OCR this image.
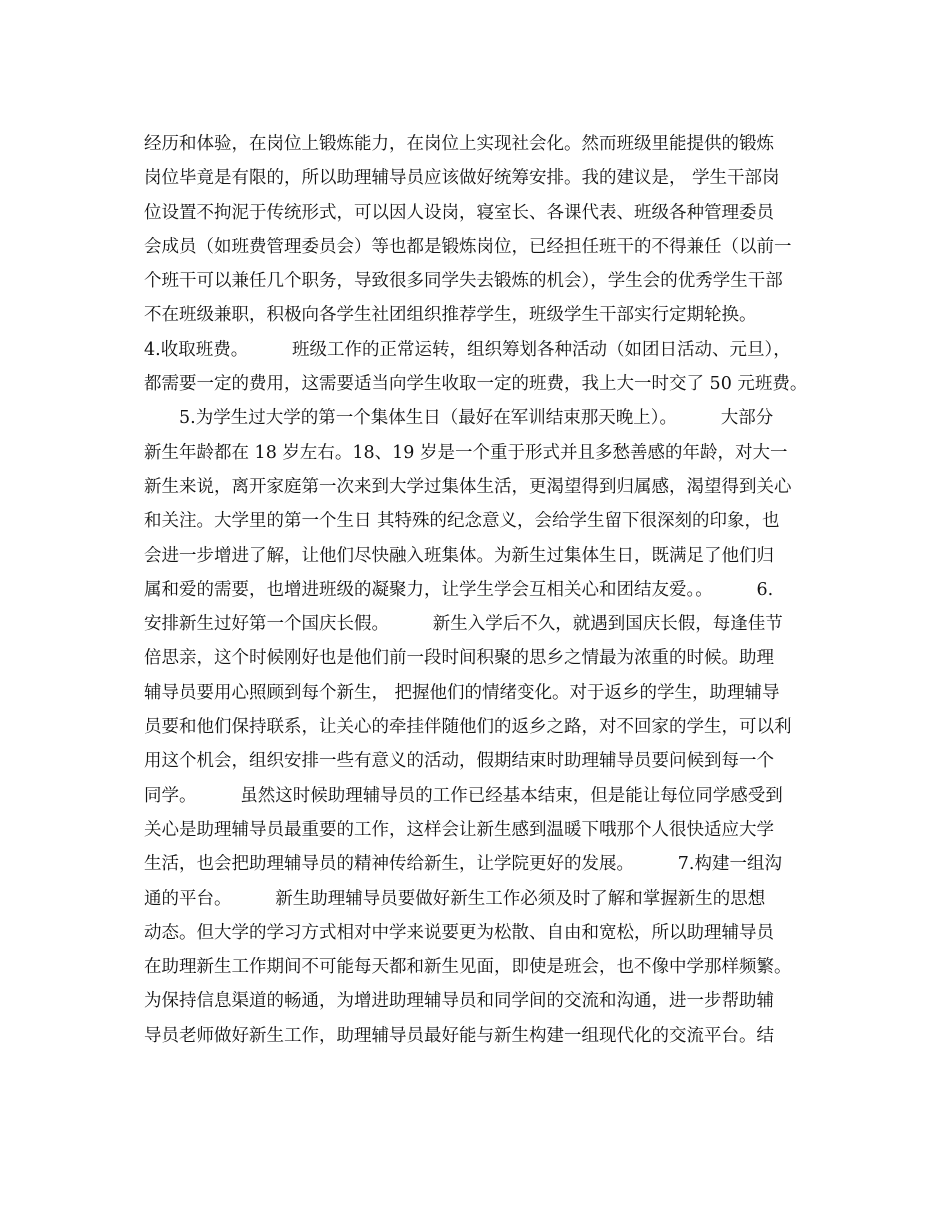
经历和体验，在岗位上锻炼能力，在岗位上实现社会化。然而班级里能提供的锻炼
岗位毕竟是有限的，所以助理辅导员应该做好统筹安排。我的建议是， 学生干部岗
位设置不拘泥于传统形式，可以因人设岗，寝室长、各课代表、班级各种管理委员
会成员（如班费管理委员会）等也都是锻炼岗位，已经担任班干的不得兼任（以前一
个班干可以兼任几个职务，导致很多同学失去锻炼的机会），学生会的优秀学生干部
不在班级兼职，积极向各学生社团组织推荐学生，班级学生干部实行定期轮换。
4.收取班费。　　　班级工作的正常运转，组织筹划各种活动（如团日活动、元旦），
都需要一定的费用，这需要适当向学生收取一定的班费，我上大一时交了 50 元班费。
　　5.为学生过大学的第一个集体生日（最好在军训结束那天晚上）。　　　大部分
新生年龄都在 18 岁左右。18、19 岁是一个重于形式并且多愁善感的年龄，对大一
新生来说，离开家庭第一次来到大学过集体生活，更渴望得到归属感，渴望得到关心
和关注。大学里的第一个生日 其特殊的纪念意义，会给学生留下很深刻的印象，也
会进一步增进了解，让他们尽快融入班集体。为新生过集体生日，既满足了他们归
属和爱的需要，也增进班级的凝聚力，让学生学会互相关心和团结友爱。。　　　6.
安排新生过好第一个国庆长假。　　　新生入学后不久，就遇到国庆长假，每逢佳节
倍思亲，这个时候刚好也是他们前一段时间积聚的思乡之情最为浓重的时候。助理
辅导员要用心照顾到每个新生， 把握他们的情绪变化。对于返乡的学生，助理辅导
员要和他们保持联系，让关心的牵挂伴随他们的返乡之路，对不回家的学生，可以利
用这个机会，组织安排一些有意义的活动，假期结束时助理辅导员要问候到每一个
同学。　　　虽然这时候助理辅导员的工作已经基本结束，但是能让每位同学感受到
关心是助理辅导员最重要的工作，这样会让新生感到温暖下哦那个人很快适应大学
生活，也会把助理辅导员的精神传给新生，让学院更好的发展。　　　7.构建一组沟
通的平台。　　　新生助理辅导员要做好新生工作必须及时了解和掌握新生的思想
动态。但大学的学习方式相对中学来说要更为松散、自由和宽松，所以助理辅导员
在助理新生工作期间不可能每天都和新生见面，即使是班会，也不像中学那样频繁。
为保持信息渠道的畅通，为增进助理辅导员和同学间的交流和沟通，进一步帮助辅
导员老师做好新生工作，助理辅导员最好能与新生构建一组现代化的交流平台。结
